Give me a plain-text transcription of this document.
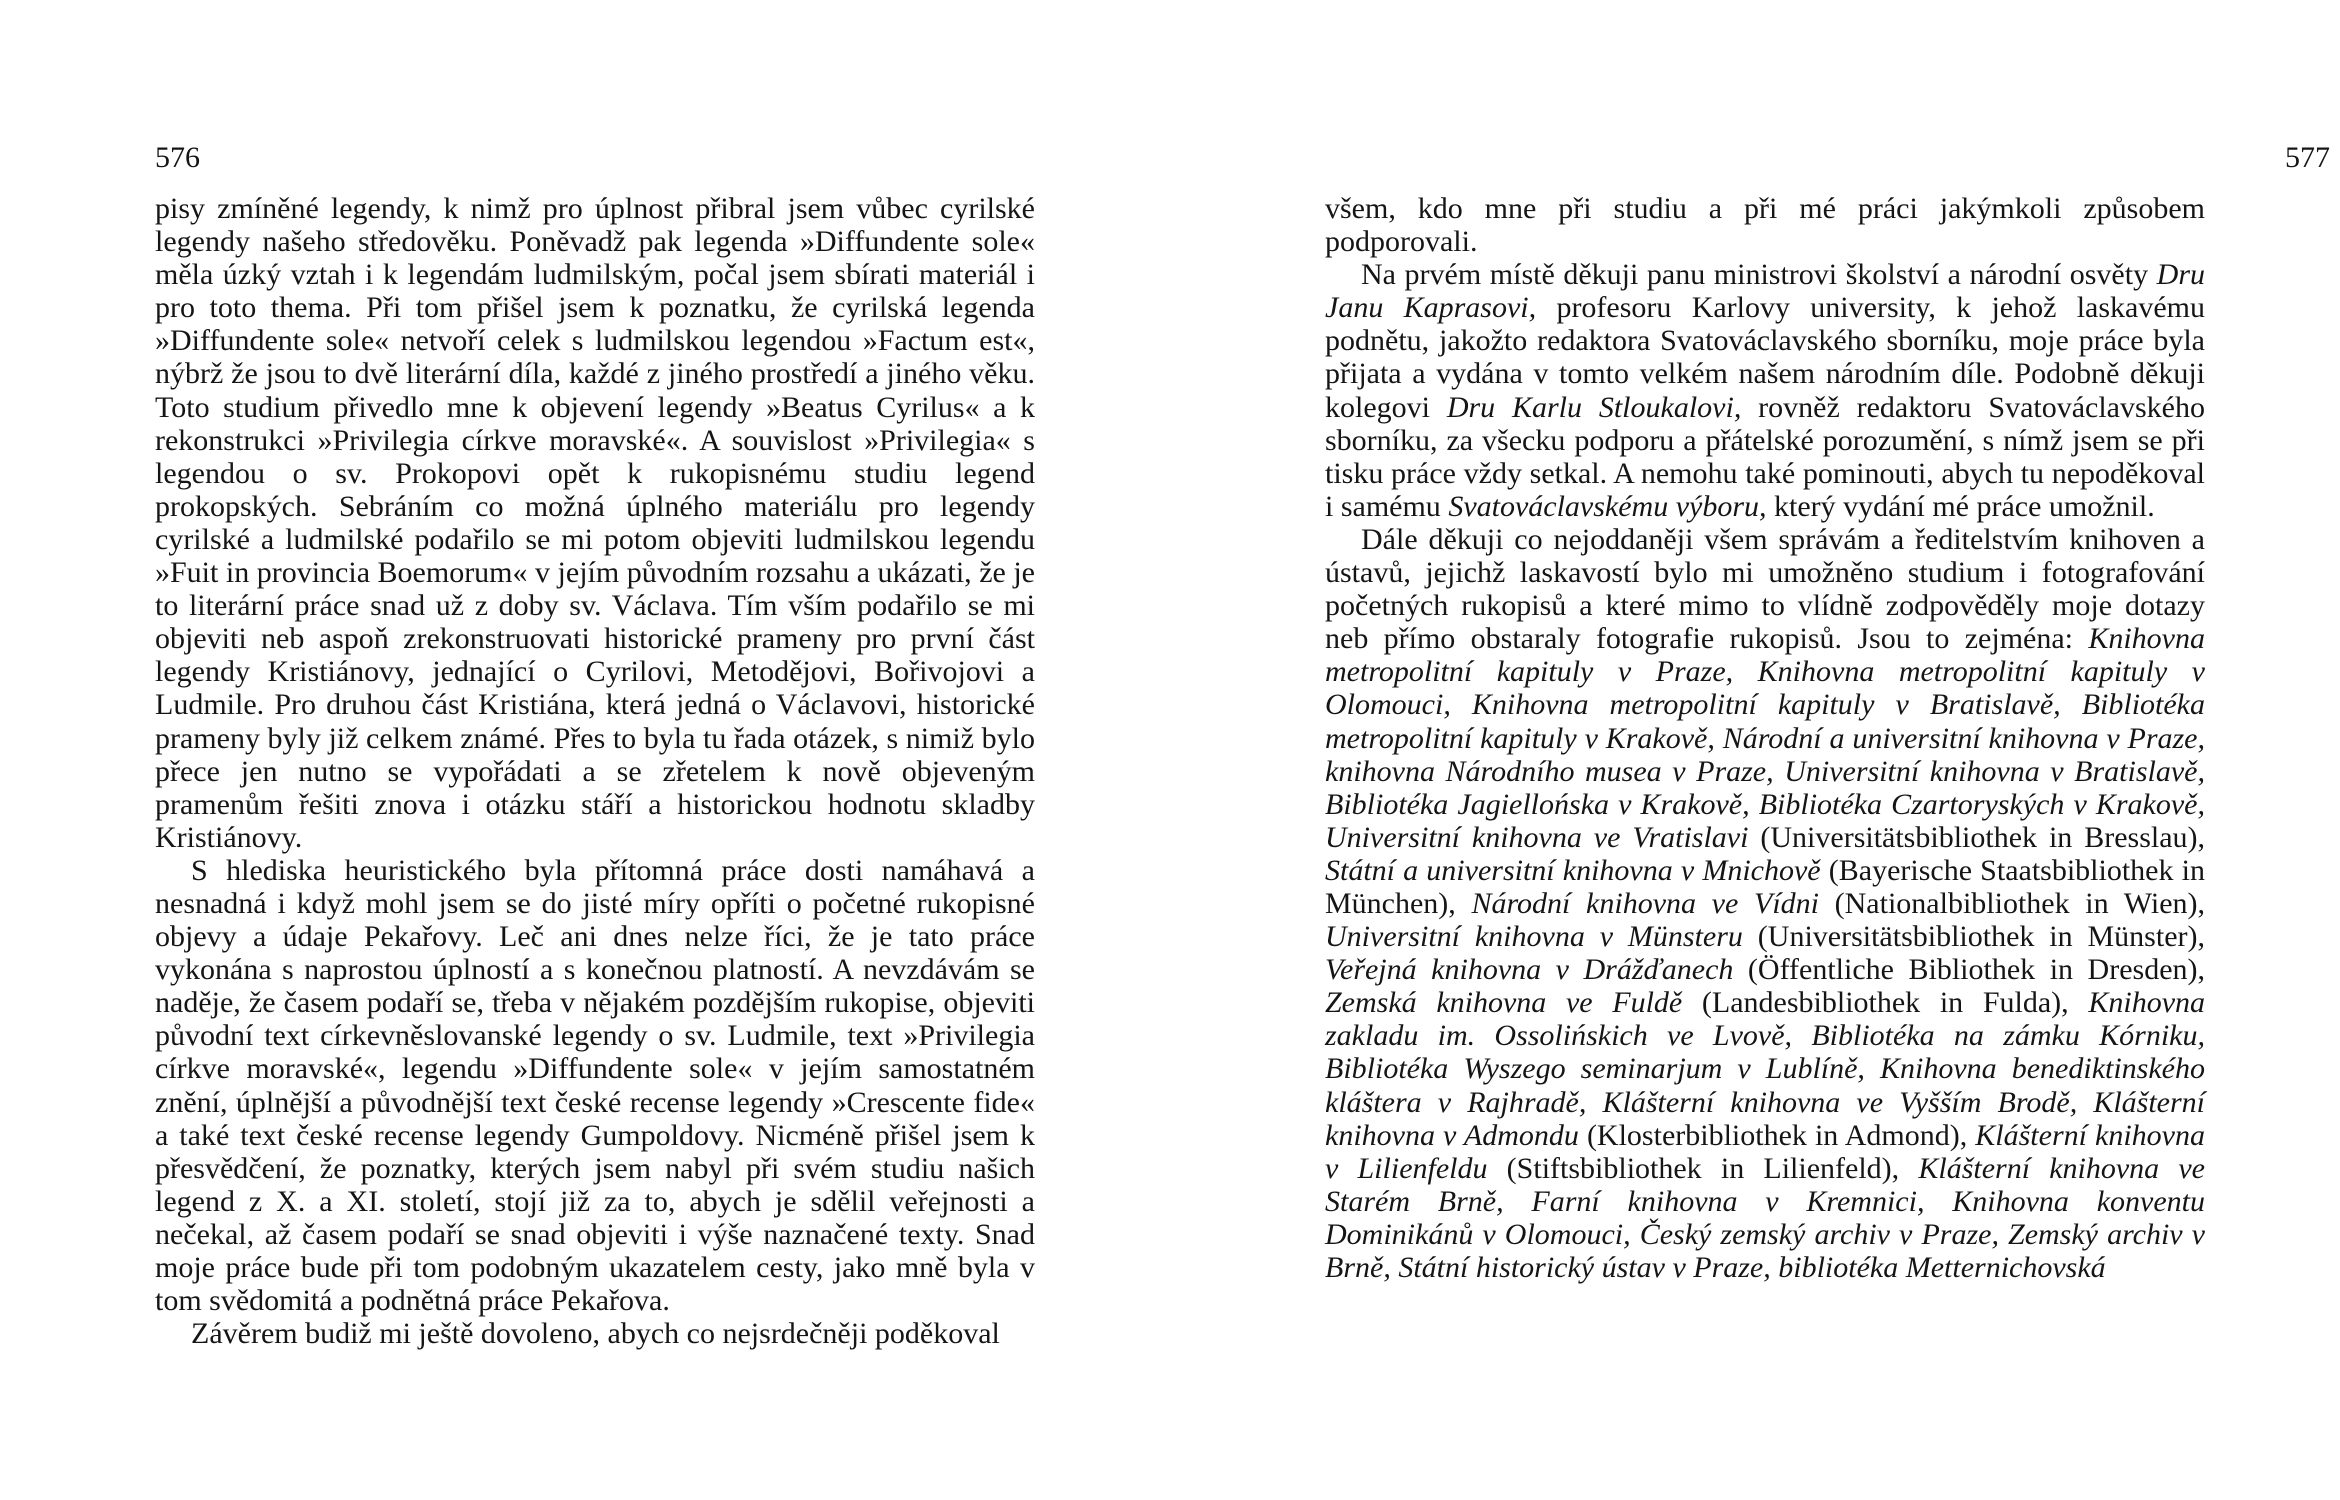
576

pisy zmíněné legendy, k nimž pro úplnost přibral jsem vůbec cyrilské legendy našeho středověku. Poněvadž pak legenda »Diffundente sole« měla úzký vztah i k legendám ludmilským, počal jsem sbírati materiál i pro toto thema. Při tom přišel jsem k poznatku, že cyrilská legenda »Diffundente sole« netvoří celek s ludmilskou legendou »Factum est«, nýbrž že jsou to dvě literární díla, každé z jiného prostředí a jiného věku. Toto studium přivedlo mne k objevení legendy »Beatus Cyrilus« a k rekonstrukci »Privilegia církve moravské«. A souvislost »Privilegia« s legendou o sv. Prokopovi opět k rukopisnému studiu legend prokopských. Sebráním co možná úplného materiálu pro legendy cyrilské a ludmilské podařilo se mi potom objeviti ludmilskou legendu »Fuit in provincia Boemorum« v jejím původním rozsahu a ukázati, že je to literární práce snad už z doby sv. Václava. Tím vším podařilo se mi objeviti neb aspoň zrekonstruovati historické prameny pro první část legendy Kristiánovy, jednající o Cyrilovi, Metodějovi, Bořivojovi a Ludmile. Pro druhou část Kristiána, která jedná o Václavovi, historické prameny byly již celkem známé. Přes to byla tu řada otázek, s nimiž bylo přece jen nutno se vypořádati a se zřetelem k nově objeveným pramenům řešiti znova i otázku stáří a historickou hodnotu skladby Kristiánovy.

S hlediska heuristického byla přítomná práce dosti namáhavá a nesnadná i když mohl jsem se do jisté míry opříti o početné rukopisné objevy a údaje Pekařovy. Leč ani dnes nelze říci, že je tato práce vykonána s naprostou úplností a s konečnou platností. A nevzdávám se naděje, že časem podaří se, třeba v nějakém pozdějším rukopise, objeviti původní text církevněslovanské legendy o sv. Ludmile, text »Privilegia církve moravské«, legendu »Diffundente sole« v jejím samostatném znění, úplnější a původnější text české recense legendy »Crescente fide« a také text české recense legendy Gumpoldovy. Nicméně přišel jsem k přesvědčení, že poznatky, kterých jsem nabyl při svém studiu našich legend z X. a XI. století, stojí již za to, abych je sdělil veřejnosti a nečekal, až časem podaří se snad objeviti i výše naznačené texty. Snad moje práce bude při tom podobným ukazatelem cesty, jako mně byla v tom svědomitá a podnětná práce Pekařova.

Závěrem budiž mi ještě dovoleno, abych co nejsrdečněji poděkoval

577

všem, kdo mne při studiu a při mé práci jakýmkoli způsobem podporovali.

Na prvém místě děkuji panu ministrovi školství a národní osvěty Dru Janu Kaprasovi, profesoru Karlovy university, k jehož laskavému podnětu, jakožto redaktora Svatováclavského sborníku, moje práce byla přijata a vydána v tomto velkém našem národním díle. Podobně děkuji kolegovi Dru Karlu Stloukalovi, rovněž redaktoru Svatováclavského sborníku, za všecku podporu a přátelské porozumění, s nímž jsem se při tisku práce vždy setkal. A nemohu také pominouti, abych tu nepoděkoval i samému Svatováclavskému výboru, který vydání mé práce umožnil.

Dále děkuji co nejoddaněji všem správám a ředitelstvím knihoven a ústavů, jejichž laskavostí bylo mi umožněno studium i fotografování početných rukopisů a které mimo to vlídně zodpověděly moje dotazy neb přímo obstaraly fotografie rukopisů. Jsou to zejména: Knihovna metropolitní kapituly v Praze, Knihovna metropolitní kapituly v Olomouci, Knihovna metropolitní kapituly v Bratislavě, Bibliotéka metropolitní kapituly v Krakově, Národní a universitní knihovna v Praze, knihovna Národního musea v Praze, Universitní knihovna v Bratislavě, Bibliotéka Jagiellońska v Krakově, Bibliotéka Czartoryských v Krakově, Universitní knihovna ve Vratislavi (Universitätsbibliothek in Bresslau), Státní a universitní knihovna v Mnichově (Bayerische Staatsbibliothek in München), Národní knihovna ve Vídni (Nationalbibliothek in Wien), Universitní knihovna v Münsteru (Universitätsbibliothek in Münster), Veřejná knihovna v Drážďanech (Öffentliche Bibliothek in Dresden), Zemská knihovna ve Fuldě (Landesbibliothek in Fulda), Knihovna zakladu im. Ossolińskich ve Lvově, Bibliotéka na zámku Kórniku, Bibliotéka Wyszego seminarjum v Lublíně, Knihovna benediktinského kláštera v Rajhradě, Klášterní knihovna ve Vyšším Brodě, Klášterní knihovna v Admondu (Klosterbibliothek in Admond), Klášterní knihovna v Lilienfeldu (Stiftsbibliothek in Lilienfeld), Klášterní knihovna ve Starém Brně, Farní knihovna v Kremnici, Knihovna konventu Dominikánů v Olomouci, Český zemský archiv v Praze, Zemský archiv v Brně, Státní historický ústav v Praze, bibliotéka Metternichovská
